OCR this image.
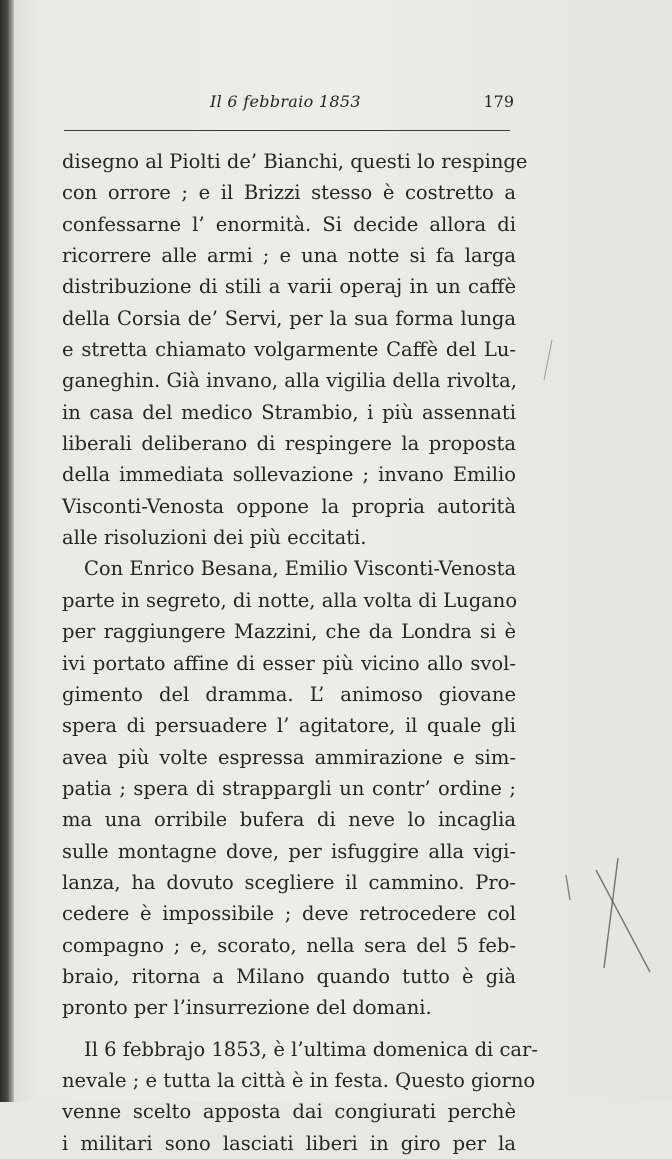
Il 6 febbraio 1853	179
disegno al Piolti de’ Bianchi, questi lo respinge
con orrore ; e il Brizzi stesso è costretto a
confessarne l’ enormità. Si decide allora di
ricorrere alle armi ; e una notte si fa larga
distribuzione di stili a varii operaj in un caffè
della Corsia de’ Servi, per la sua forma lunga
e stretta chiamato volgarmente Caffè del Lu-
ganeghin. Già invano, alla vigilia della rivolta,
in casa del medico Strambio, i più assennati
liberali deliberano di respingere la proposta
della immediata sollevazione ; invano Emilio
Visconti-Venosta oppone la propria autorità
alle risoluzioni dei più eccitati.
Con Enrico Besana, Emilio Visconti-Venosta
parte in segreto, di notte, alla volta di Lugano
per raggiungere Mazzini, che da Londra si è
ivi portato affine di esser più vicino allo svol-
gimento del dramma. L’ animoso giovane
spera di persuadere l’ agitatore, il quale gli
avea più volte espressa ammirazione e sim-
patia ; spera di strappargli un contr’ ordine ;
ma una orribile bufera di neve lo incaglia
sulle montagne dove, per isfuggire alla vigi-
lanza, ha dovuto scegliere il cammino. Pro-
cedere è impossibile ; deve retrocedere col
compagno ; e, scorato, nella sera del 5 feb-
braio, ritorna a Milano quando tutto è già
pronto per l’insurrezione del domani.
Il 6 febbrajo 1853, è l’ultima domenica di car-
nevale ; e tutta la città è in festa. Questo giorno
venne scelto apposta dai congiurati perchè
i militari sono lasciati liberi in giro per la
